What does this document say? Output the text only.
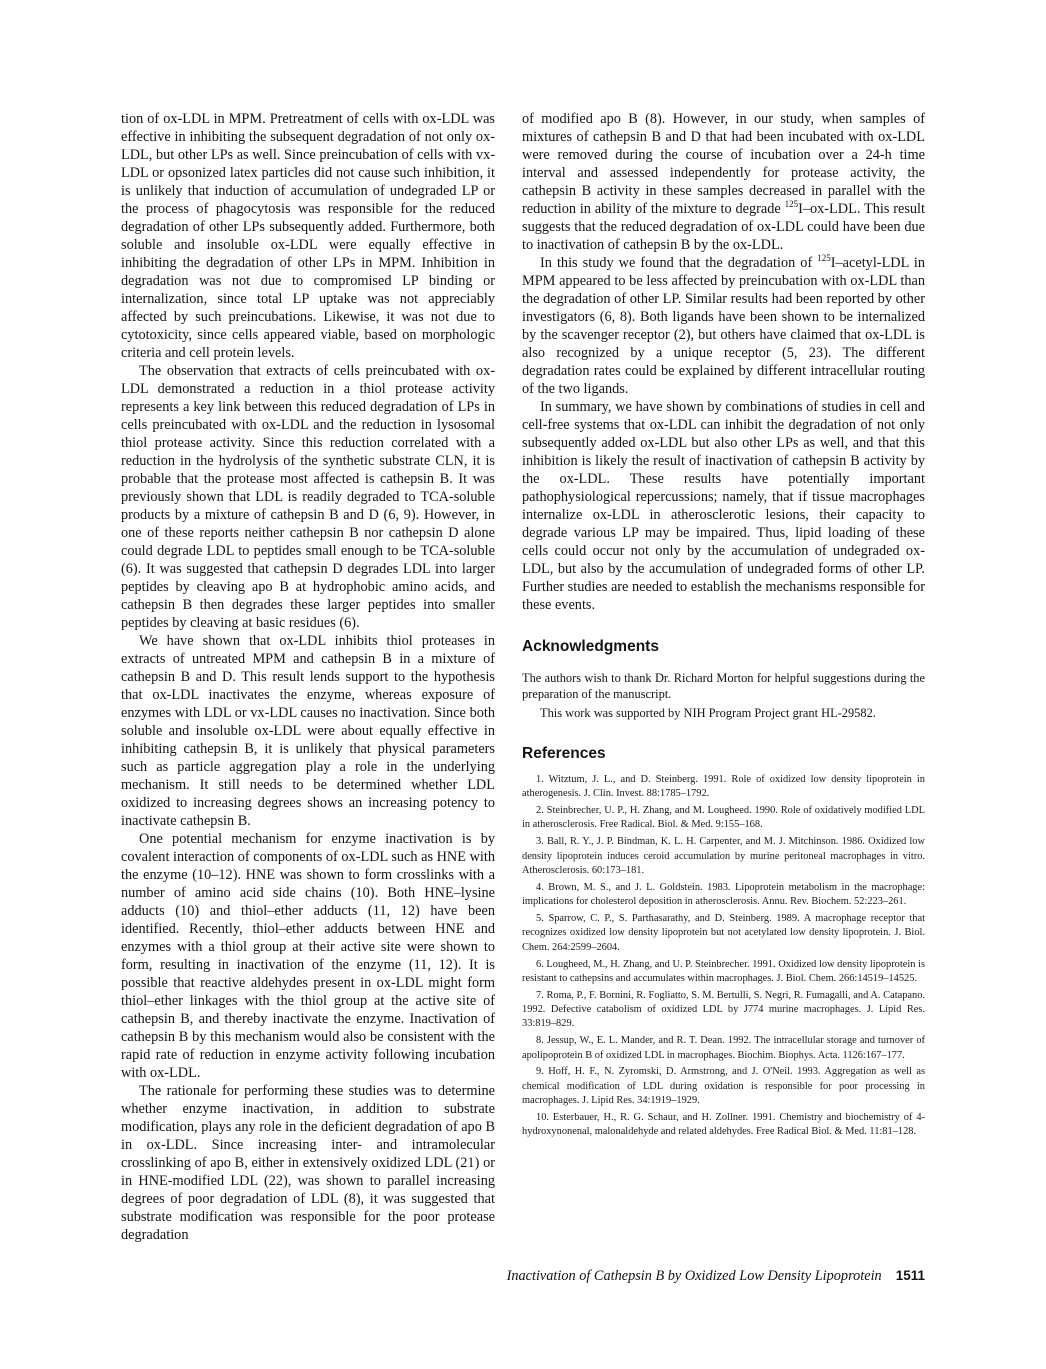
tion of ox-LDL in MPM. Pretreatment of cells with ox-LDL was effective in inhibiting the subsequent degradation of not only ox-LDL, but other LPs as well. Since preincubation of cells with vx-LDL or opsonized latex particles did not cause such inhibition, it is unlikely that induction of accumulation of undegraded LP or the process of phagocytosis was responsible for the reduced degradation of other LPs subsequently added. Furthermore, both soluble and insoluble ox-LDL were equally effective in inhibiting the degradation of other LPs in MPM. Inhibition in degradation was not due to compromised LP binding or internalization, since total LP uptake was not appreciably affected by such preincubations. Likewise, it was not due to cytotoxicity, since cells appeared viable, based on morphologic criteria and cell protein levels.

The observation that extracts of cells preincubated with ox-LDL demonstrated a reduction in a thiol protease activity represents a key link between this reduced degradation of LPs in cells preincubated with ox-LDL and the reduction in lysosomal thiol protease activity. Since this reduction correlated with a reduction in the hydrolysis of the synthetic substrate CLN, it is probable that the protease most affected is cathepsin B. It was previously shown that LDL is readily degraded to TCA-soluble products by a mixture of cathepsin B and D (6, 9). However, in one of these reports neither cathepsin B nor cathepsin D alone could degrade LDL to peptides small enough to be TCA-soluble (6). It was suggested that cathepsin D degrades LDL into larger peptides by cleaving apo B at hydrophobic amino acids, and cathepsin B then degrades these larger peptides into smaller peptides by cleaving at basic residues (6).

We have shown that ox-LDL inhibits thiol proteases in extracts of untreated MPM and cathepsin B in a mixture of cathepsin B and D. This result lends support to the hypothesis that ox-LDL inactivates the enzyme, whereas exposure of enzymes with LDL or vx-LDL causes no inactivation. Since both soluble and insoluble ox-LDL were about equally effective in inhibiting cathepsin B, it is unlikely that physical parameters such as particle aggregation play a role in the underlying mechanism. It still needs to be determined whether LDL oxidized to increasing degrees shows an increasing potency to inactivate cathepsin B.

One potential mechanism for enzyme inactivation is by covalent interaction of components of ox-LDL such as HNE with the enzyme (10–12). HNE was shown to form crosslinks with a number of amino acid side chains (10). Both HNE–lysine adducts (10) and thiol–ether adducts (11, 12) have been identified. Recently, thiol–ether adducts between HNE and enzymes with a thiol group at their active site were shown to form, resulting in inactivation of the enzyme (11, 12). It is possible that reactive aldehydes present in ox-LDL might form thiol–ether linkages with the thiol group at the active site of cathepsin B, and thereby inactivate the enzyme. Inactivation of cathepsin B by this mechanism would also be consistent with the rapid rate of reduction in enzyme activity following incubation with ox-LDL.

The rationale for performing these studies was to determine whether enzyme inactivation, in addition to substrate modification, plays any role in the deficient degradation of apo B in ox-LDL. Since increasing inter- and intramolecular crosslinking of apo B, either in extensively oxidized LDL (21) or in HNE-modified LDL (22), was shown to parallel increasing degrees of poor degradation of LDL (8), it was suggested that substrate modification was responsible for the poor protease degradation

of modified apo B (8). However, in our study, when samples of mixtures of cathepsin B and D that had been incubated with ox-LDL were removed during the course of incubation over a 24-h time interval and assessed independently for protease activity, the cathepsin B activity in these samples decreased in parallel with the reduction in ability of the mixture to degrade $^{125}$I–ox-LDL. This result suggests that the reduced degradation of ox-LDL could have been due to inactivation of cathepsin B by the ox-LDL.

In this study we found that the degradation of $^{125}$I–acetyl-LDL in MPM appeared to be less affected by preincubation with ox-LDL than the degradation of other LP. Similar results had been reported by other investigators (6, 8). Both ligands have been shown to be internalized by the scavenger receptor (2), but others have claimed that ox-LDL is also recognized by a unique receptor (5, 23). The different degradation rates could be explained by different intracellular routing of the two ligands.

In summary, we have shown by combinations of studies in cell and cell-free systems that ox-LDL can inhibit the degradation of not only subsequently added ox-LDL but also other LPs as well, and that this inhibition is likely the result of inactivation of cathepsin B activity by the ox-LDL. These results have potentially important pathophysiological repercussions; namely, that if tissue macrophages internalize ox-LDL in atherosclerotic lesions, their capacity to degrade various LP may be impaired. Thus, lipid loading of these cells could occur not only by the accumulation of undegraded ox-LDL, but also by the accumulation of undegraded forms of other LP. Further studies are needed to establish the mechanisms responsible for these events.

Acknowledgments

The authors wish to thank Dr. Richard Morton for helpful suggestions during the preparation of the manuscript.

This work was supported by NIH Program Project grant HL-29582.

References
1. Witztum, J. L., and D. Steinberg. 1991. Role of oxidized low density lipoprotein in atherogenesis. J. Clin. Invest. 88:1785–1792.
2. Steinbrecher, U. P., H. Zhang, and M. Lougheed. 1990. Role of oxidatively modified LDL in atherosclerosis. Free Radical. Biol. & Med. 9:155–168.
3. Ball, R. Y., J. P. Bindman, K. L. H. Carpenter, and M. J. Mitchinson. 1986. Oxidized low density lipoprotein induces ceroid accumulation by murine peritoneal macrophages in vitro. Atherosclerosis. 60:173–181.
4. Brown, M. S., and J. L. Goldstein. 1983. Lipoprotein metabolism in the macrophage: implications for cholesterol deposition in atherosclerosis. Annu. Rev. Biochem. 52:223–261.
5. Sparrow, C. P., S. Parthasarathy, and D. Steinberg. 1989. A macrophage receptor that recognizes oxidized low density lipoprotein but not acetylated low density lipoprotein. J. Biol. Chem. 264:2599–2604.
6. Lougheed, M., H. Zhang, and U. P. Steinbrecher. 1991. Oxidized low density lipoprotein is resistant to cathepsins and accumulates within macrophages. J. Biol. Chem. 266:14519–14525.
7. Roma, P., F. Bornini, R. Fogliatto, S. M. Bertulli, S. Negri, R. Fumagalli, and A. Catapano. 1992. Defective catabolism of oxidized LDL by J774 murine macrophages. J. Lipid Res. 33:819–829.
8. Jessup, W., E. L. Mander, and R. T. Dean. 1992. The intracellular storage and turnover of apolipoprotein B of oxidized LDL in macrophages. Biochim. Biophys. Acta. 1126:167–177.
9. Hoff, H. F., N. Zyromski, D. Armstrong, and J. O'Neil. 1993. Aggregation as well as chemical modification of LDL during oxidation is responsible for poor processing in macrophages. J. Lipid Res. 34:1919–1929.
10. Esterbauer, H., R. G. Schaur, and H. Zollner. 1991. Chemistry and biochemistry of 4-hydroxynonenal, malonaldehyde and related aldehydes. Free Radical Biol. & Med. 11:81–128.
Inactivation of Cathepsin B by Oxidized Low Density Lipoprotein 1511
